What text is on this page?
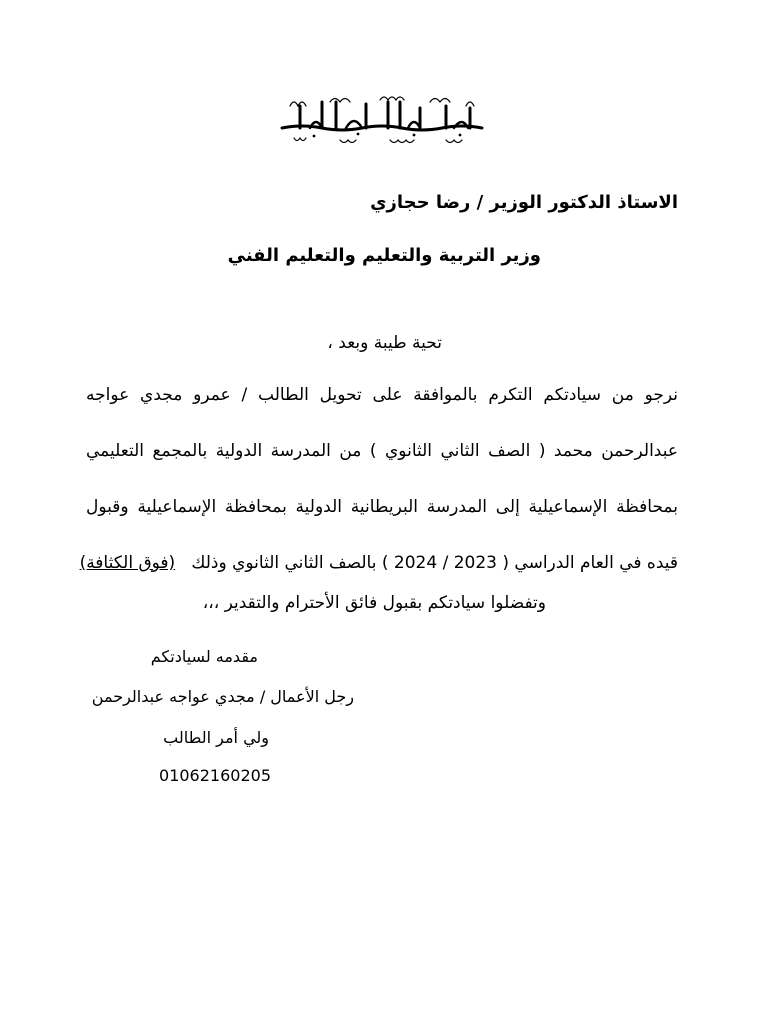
الاستاذ الدكتور الوزير / رضا حجازي
وزير التربية والتعليم والتعليم الفني
تحية طيبة وبعد ،
نرجو من سيادتكم التكرم بالموافقة على تحويل الطالب / عمرو مجدي عواجه
عبدالرحمن محمد ( الصف الثاني الثانوي ) من المدرسة الدولية بالمجمع التعليمي
بمحافظة الإسماعيلية إلى المدرسة البريطانية الدولية بمحافظة الإسماعيلية وقبول
قيده في العام الدراسي ( 2023 / 2024 ) بالصف الثاني الثانوي وذلك   (فوق الكثافة)
وتفضلوا سيادتكم بقبول فائق الأحترام والتقدير ،،،
مقدمه لسيادتكم
رجل الأعمال / مجدي عواجه عبدالرحمن
ولي أمر الطالب
01062160205
